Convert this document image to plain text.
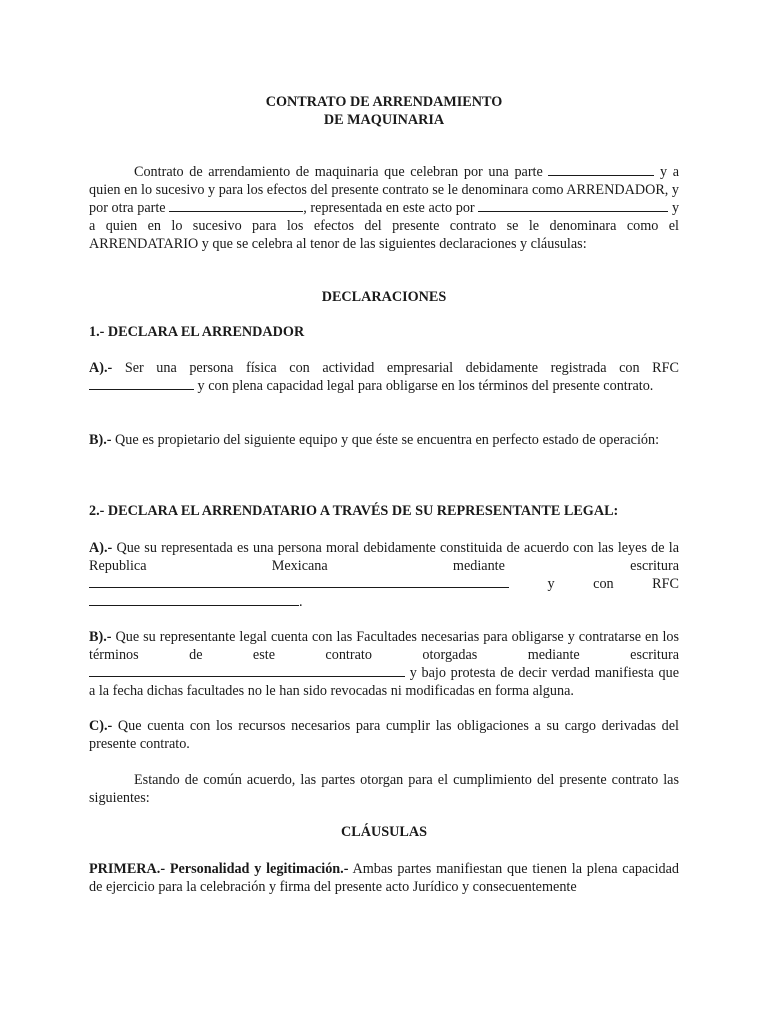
CONTRATO DE ARRENDAMIENTO
DE MAQUINARIA
Contrato de arrendamiento de maquinaria que celebran por una parte	y a quien en lo sucesivo y para los efectos del presente contrato se le denominara como ARRENDADOR, y por otra parte	, representada en este acto por	y a quien en lo sucesivo para los efectos del presente contrato se le denominara como el ARRENDATARIO y que se celebra al tenor de las siguientes declaraciones y cláusulas:
DECLARACIONES
1.- DECLARA EL ARRENDADOR
A).- Ser una persona física con actividad empresarial debidamente registrada con RFC  y con plena capacidad legal para obligarse en los términos del presente contrato.
B).- Que es propietario del siguiente equipo y que éste se encuentra en perfecto estado de operación:
2.- DECLARA EL ARRENDATARIO A TRAVÉS DE SU REPRESENTANTE LEGAL:
A).- Que su representada es una persona moral debidamente constituida de acuerdo con las leyes de la Republica Mexicana mediante escritura
y con RFC
.
B).- Que su representante legal cuenta con las Facultades necesarias para obligarse y contratarse en los términos de este contrato otorgadas mediante escritura  y bajo protesta de decir verdad manifiesta que a la fecha dichas facultades no le han sido revocadas ni modificadas en forma alguna.
C).- Que cuenta con los recursos necesarios para cumplir las obligaciones a su cargo derivadas del presente contrato.
Estando de común acuerdo, las partes otorgan para el cumplimiento del presente contrato las siguientes:
CLÁUSULAS
PRIMERA.- Personalidad y legitimación.- Ambas partes manifiestan que tienen la plena capacidad de ejercicio para la celebración y firma del presente acto Jurídico y consecuentemente
